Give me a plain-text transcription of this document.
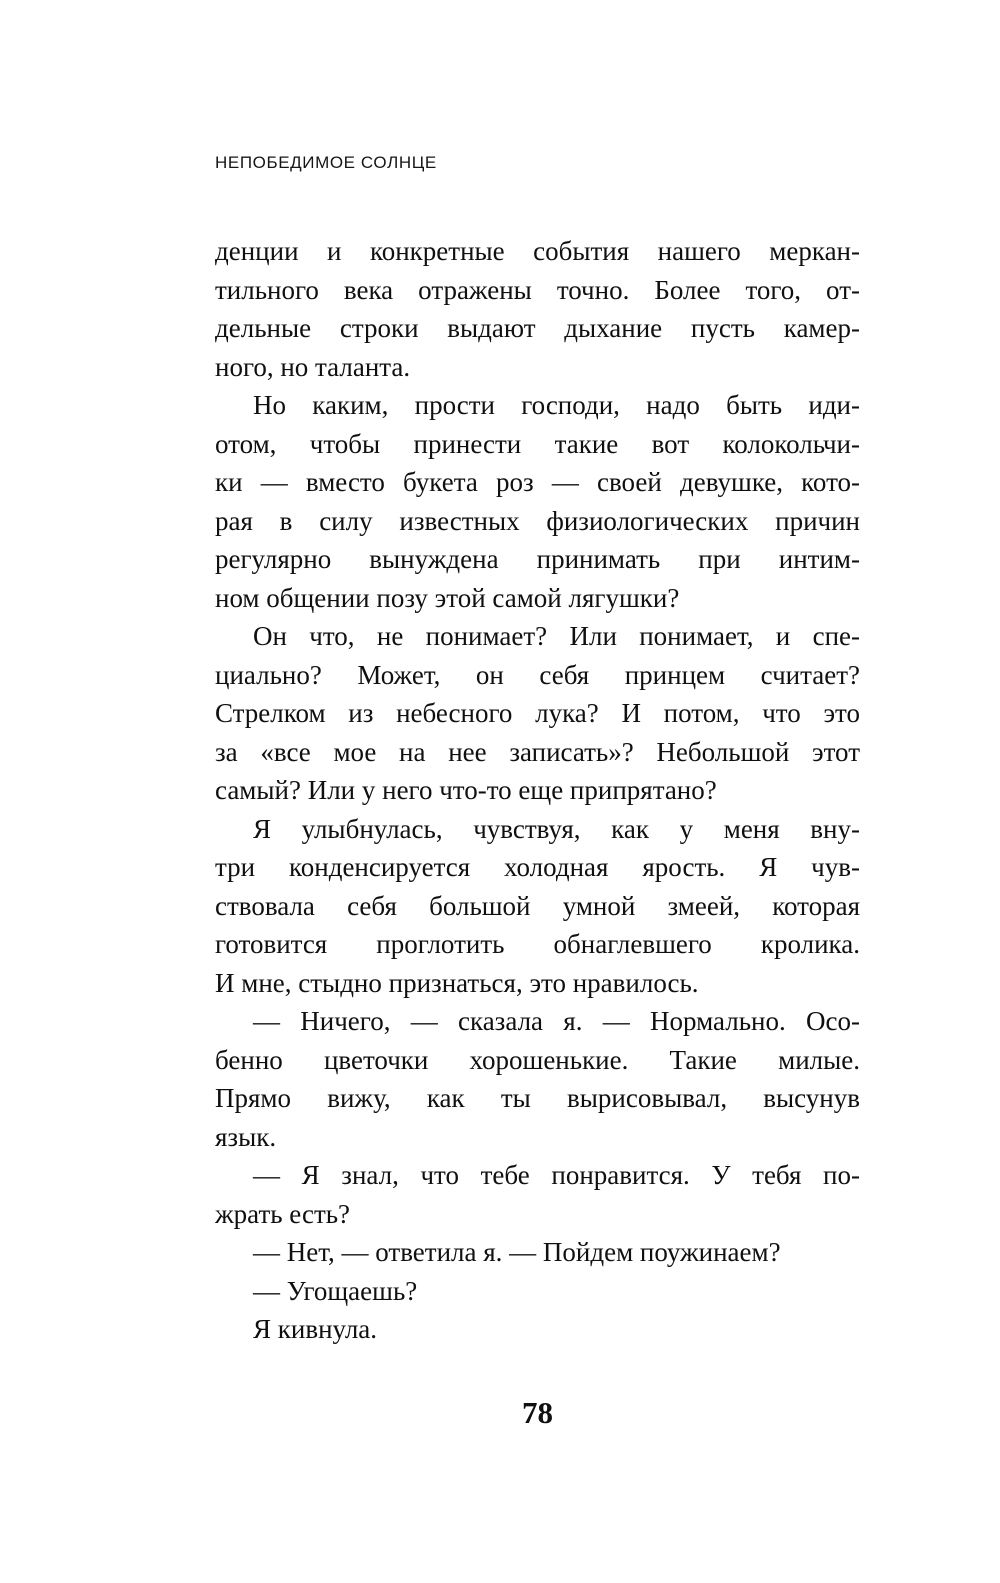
НЕПОБЕДИМОЕ СОЛНЦЕ
денции и конкретные события нашего меркан-
тильного века отражены точно. Более того, от-
дельные строки выдают дыхание пусть камер-
ного, но таланта.
Но каким, прости господи, надо быть иди-
отом, чтобы принести такие вот колокольчи-
ки — вместо букета роз — своей девушке, кото-
рая в силу известных физиологических причин
регулярно вынуждена принимать при интим-
ном общении позу этой самой лягушки?
Он что, не понимает? Или понимает, и спе-
циально? Может, он себя принцем считает?
Стрелком из небесного лука? И потом, что это
за «все мое на нее записать»? Небольшой этот
самый? Или у него что-то еще припрятано?
Я улыбнулась, чувствуя, как у меня вну-
три конденсируется холодная ярость. Я чув-
ствовала себя большой умной змеей, которая
готовится проглотить обнаглевшего кролика.
И мне, стыдно признаться, это нравилось.
— Ничего, — сказала я. — Нормально. Осо-
бенно цветочки хорошенькие. Такие милые.
Прямо вижу, как ты вырисовывал, высунув
язык.
— Я знал, что тебе понравится. У тебя по-
жрать есть?
— Нет, — ответила я. — Пойдем поужинаем?
— Угощаешь?
Я кивнула.
78
